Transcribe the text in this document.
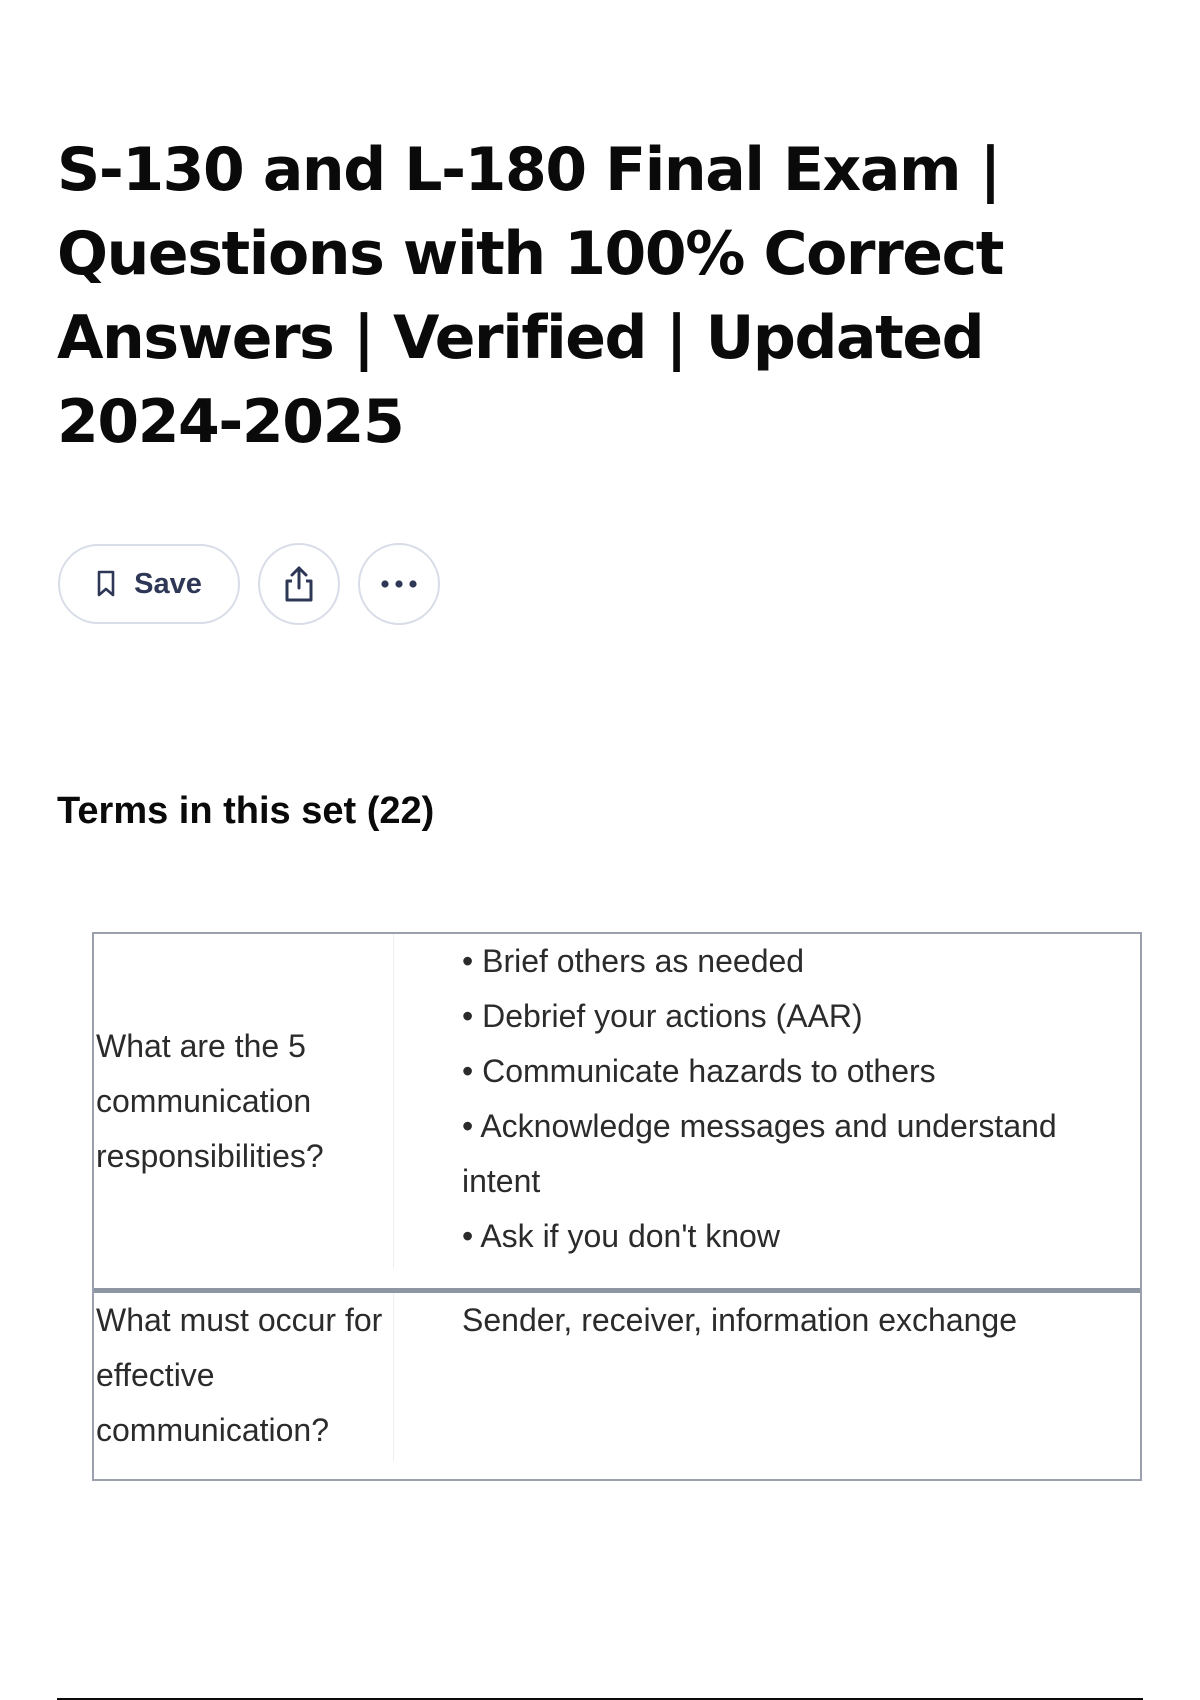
S-130 and L-180 Final Exam | Questions with 100% Correct Answers | Verified | Updated 2024-2025
Save
Terms in this set (22)
What are the 5 communication responsibilities?
• Brief others as needed
• Debrief your actions (AAR)
• Communicate hazards to others
• Acknowledge messages and understand intent
• Ask if you don't know
What must occur for effective communication?
Sender, receiver, information exchange
